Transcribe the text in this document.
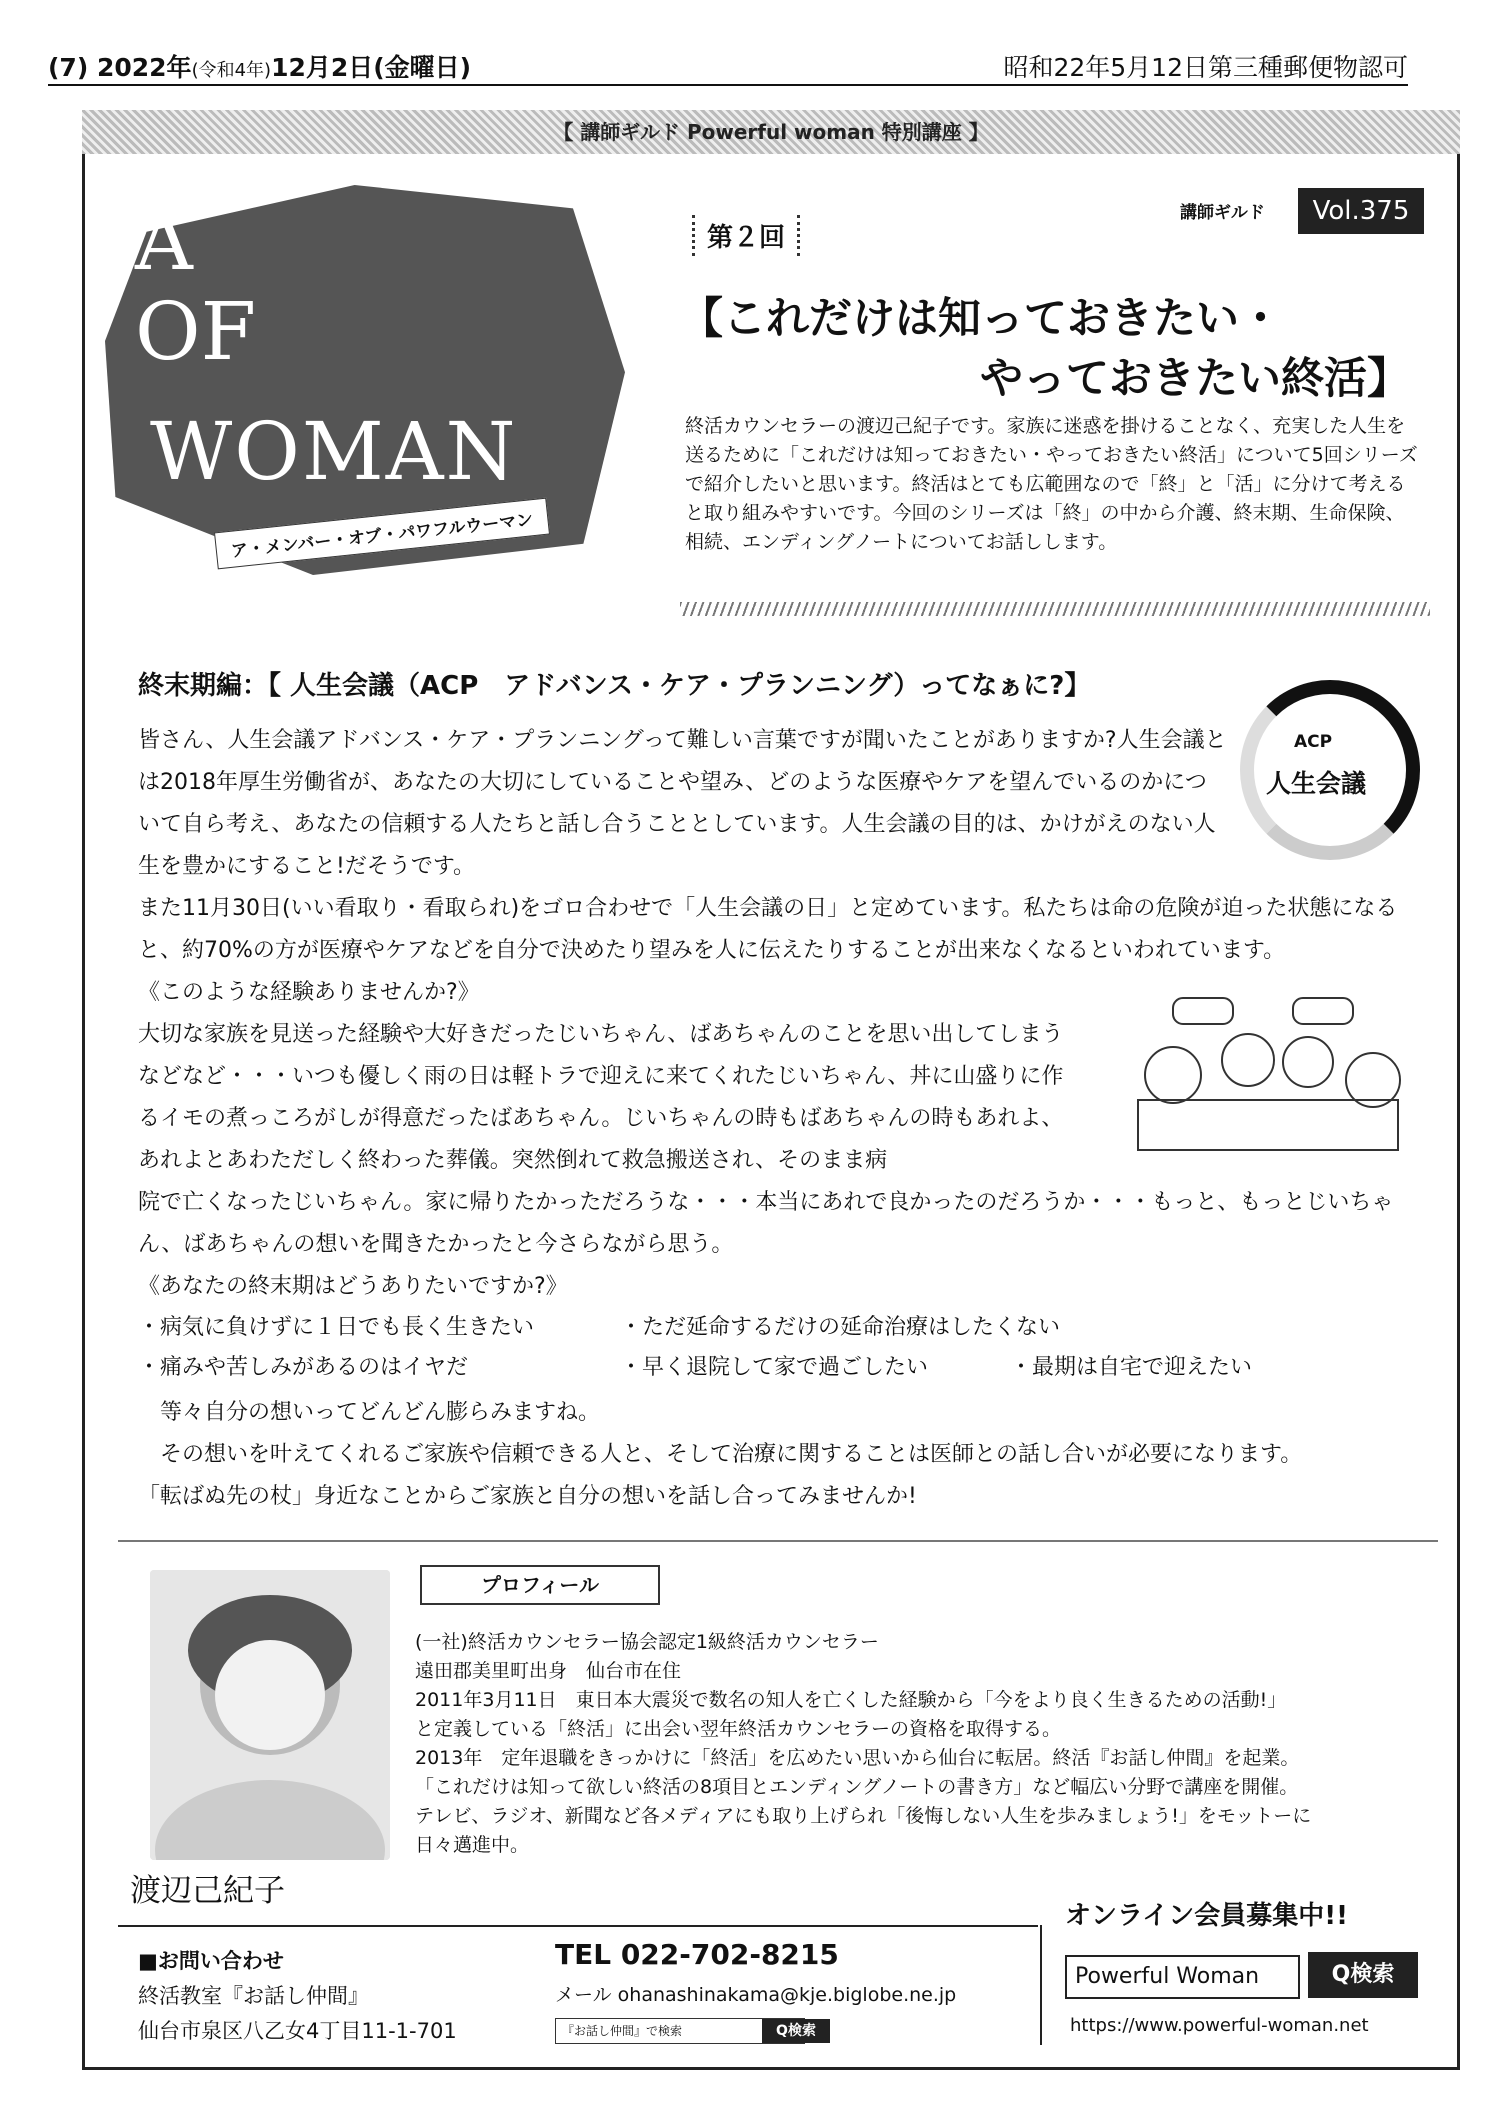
(7) 2022年(令和4年)12月2日(金曜日)	昭和22年5月12日第三種郵便物認可
【 講師ギルド Powerful woman 特別講座 】
A
OF
WOMAN
ア・メンバー・オブ・パワフルウーマン
講師ギルド	Vol.375
第２回
【これだけは知っておきたい・
やっておきたい終活】
終活カウンセラーの渡辺己紀子です。家族に迷惑を掛けることなく、充実した人生を送るために「これだけは知っておきたい・やっておきたい終活」について5回シリーズで紹介したいと思います。終活はとても広範囲なので「終」と「活」に分けて考えると取り組みやすいです。今回のシリーズは「終」の中から介護、終末期、生命保険、相続、エンディングノートについてお話しします。
終末期編：【 人生会議（ACP　アドバンス・ケア・プランニング）ってなぁに?】
ACP
人生会議
皆さん、人生会議アドバンス・ケア・プランニングって難しい言葉ですが聞いたことがありますか?人生会議とは2018年厚生労働省が、あなたの大切にしていることや望み、どのような医療やケアを望んでいるのかについて自ら考え、あなたの信頼する人たちと話し合うこととしています。人生会議の目的は、かけがえのない人生を豊かにすること!だそうです。
また11月30日(いい看取り・看取られ)をゴロ合わせで「人生会議の日」と定めています。私たちは命の危険が迫った状態になると、約70%の方が医療やケアなどを自分で決めたり望みを人に伝えたりすることが出来なくなるといわれています。
《このような経験ありませんか?》
大切な家族を見送った経験や大好きだったじいちゃん、ばあちゃんのことを思い出してしまうなどなど・・・いつも優しく雨の日は軽トラで迎えに来てくれたじいちゃん、丼に山盛りに作るイモの煮っころがしが得意だったばあちゃん。じいちゃんの時もばあちゃんの時もあれよ、あれよとあわただしく終わった葬儀。突然倒れて救急搬送され、そのまま病
院で亡くなったじいちゃん。家に帰りたかっただろうな・・・本当にあれで良かったのだろうか・・・もっと、もっとじいちゃん、ばあちゃんの想いを聞きたかったと今さらながら思う。
《あなたの終末期はどうありたいですか?》
・病気に負けずに１日でも長く生きたい	・ただ延命するだけの延命治療はしたくない
・痛みや苦しみがあるのはイヤだ	・早く退院して家で過ごしたい	・最期は自宅で迎えたい
等々自分の想いってどんどん膨らみますね。
その想いを叶えてくれるご家族や信頼できる人と、そして治療に関することは医師との話し合いが必要になります。
「転ばぬ先の杖」身近なことからご家族と自分の想いを話し合ってみませんか!
渡辺己紀子
プロフィール
(一社)終活カウンセラー協会認定1級終活カウンセラー
遠田郡美里町出身　仙台市在住
2011年3月11日　東日本大震災で数名の知人を亡くした経験から「今をより良く生きるための活動!」
と定義している「終活」に出会い翌年終活カウンセラーの資格を取得する。
2013年　定年退職をきっかけに「終活」を広めたい思いから仙台に転居。終活『お話し仲間』を起業。
「これだけは知って欲しい終活の8項目とエンディングノートの書き方」など幅広い分野で講座を開催。
テレビ、ラジオ、新聞など各メディアにも取り上げられ「後悔しない人生を歩みましょう!」をモットーに
日々邁進中。
■お問い合わせ
終活教室『お話し仲間』
仙台市泉区八乙女4丁目11-1-701
TEL 022-702-8215
メール ohanashinakama@kje.biglobe.ne.jp
『お話し仲間』で検索	Q検索
オンライン会員募集中!!
Powerful Woman	Q検索
https://www.powerful-woman.net
